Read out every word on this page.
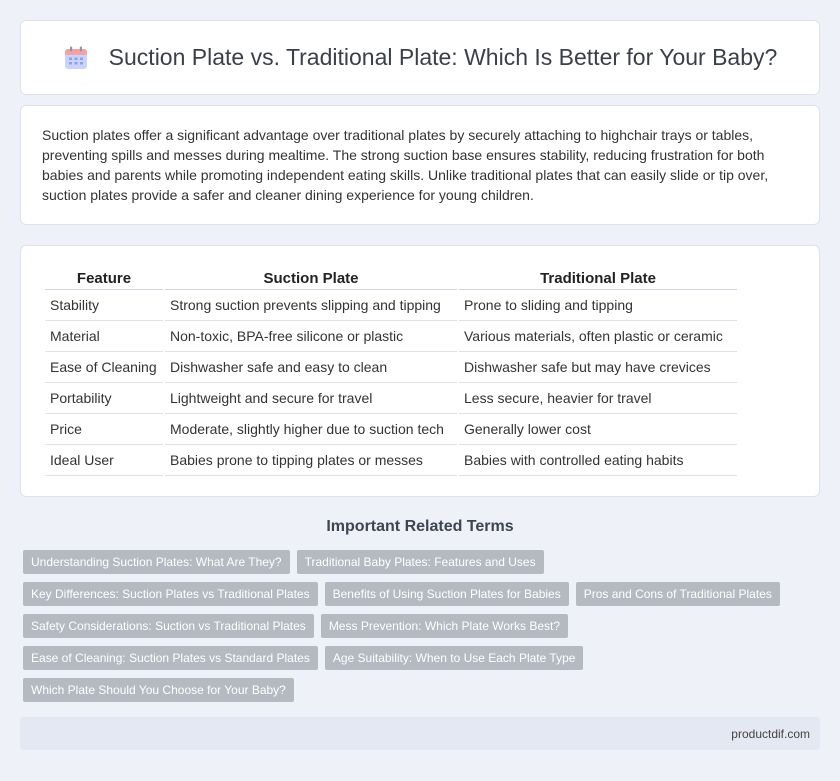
Suction Plate vs. Traditional Plate: Which Is Better for Your Baby?

Suction plates offer a significant advantage over traditional plates by securely attaching to highchair trays or tables, preventing spills and messes during mealtime. The strong suction base ensures stability, reducing frustration for both babies and parents while promoting independent eating skills. Unlike traditional plates that can easily slide or tip over, suction plates provide a safer and cleaner dining experience for young children.

Feature	Suction Plate	Traditional Plate
Stability	Strong suction prevents slipping and tipping	Prone to sliding and tipping
Material	Non-toxic, BPA-free silicone or plastic	Various materials, often plastic or ceramic
Ease of Cleaning	Dishwasher safe and easy to clean	Dishwasher safe but may have crevices
Portability	Lightweight and secure for travel	Less secure, heavier for travel
Price	Moderate, slightly higher due to suction tech	Generally lower cost
Ideal User	Babies prone to tipping plates or messes	Babies with controlled eating habits
Important Related Terms
Understanding Suction Plates: What Are They?	Traditional Baby Plates: Features and Uses
Key Differences: Suction Plates vs Traditional Plates	Benefits of Using Suction Plates for Babies	Pros and Cons of Traditional Plates
Safety Considerations: Suction vs Traditional Plates	Mess Prevention: Which Plate Works Best?
Ease of Cleaning: Suction Plates vs Standard Plates	Age Suitability: When to Use Each Plate Type
Which Plate Should You Choose for Your Baby?
productdif.com
